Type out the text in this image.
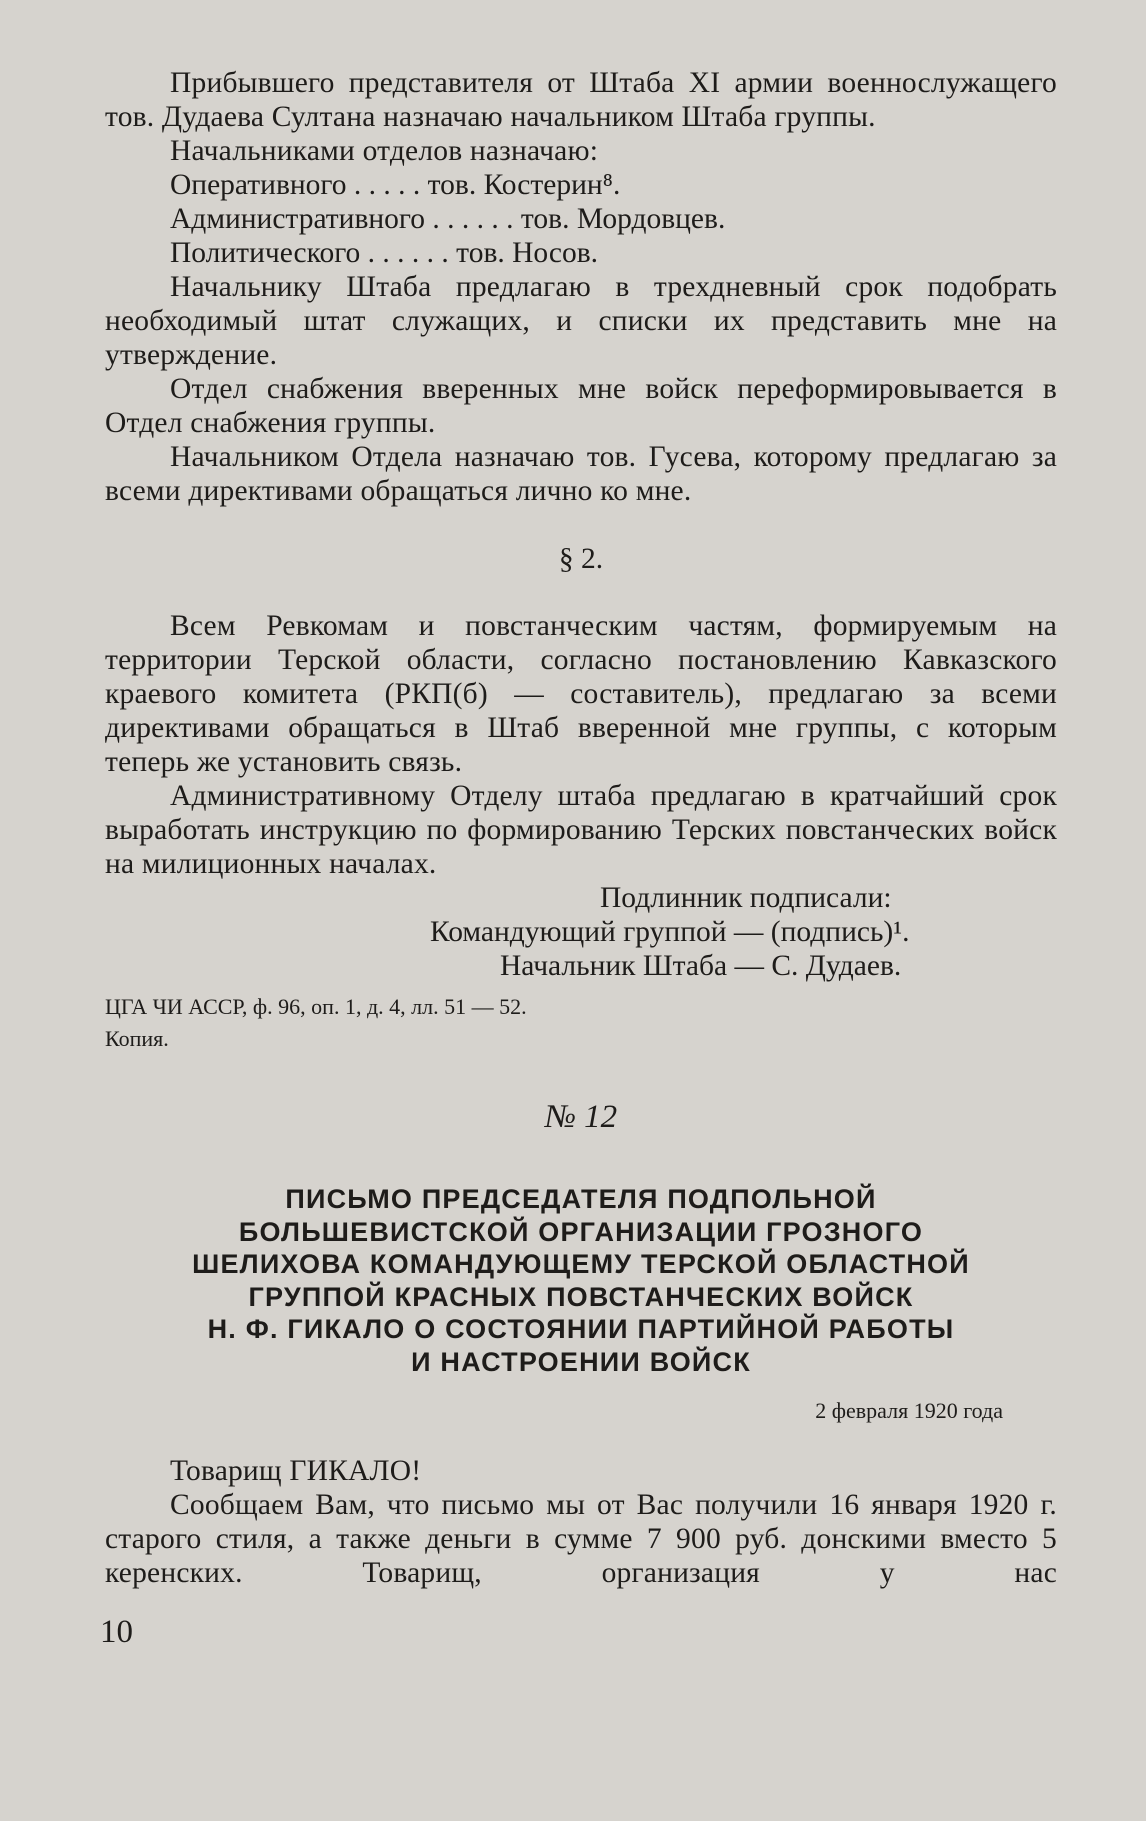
Прибывшего представителя от Штаба XI армии военнослужащего тов. Дудаева Султана назначаю начальником Штаба группы.

Начальниками отделов назначаю:

Оперативного . . . . . тов. Костерин⁸.

Административного . . . . . . тов. Мордовцев.

Политического . . . . . . тов. Носов.

Начальнику Штаба предлагаю в трехдневный срок подобрать необходимый штат служащих, и списки их представить мне на утверждение.

Отдел снабжения вверенных мне войск переформировывается в Отдел снабжения группы.

Начальником Отдела назначаю тов. Гусева, которому предлагаю за всеми директивами обращаться лично ко мне.

§ 2.

Всем Ревкомам и повстанческим частям, формируемым на территории Терской области, согласно постановлению Кавказского краевого комитета (РКП(б) — составитель), предлагаю за всеми директивами обращаться в Штаб вверенной мне группы, с которым теперь же установить связь.

Административному Отделу штаба предлагаю в кратчайший срок выработать инструкцию по формированию Терских повстанческих войск на милиционных началах.

Подлинник подписали:

Командующий группой — (подпись)¹.

Начальник Штаба — С. Дудаев.

ЦГА ЧИ АССР, ф. 96, оп. 1, д. 4, лл. 51 — 52.

Копия.

№ 12

ПИСЬМО ПРЕДСЕДАТЕЛЯ ПОДПОЛЬНОЙ

БОЛЬШЕВИСТСКОЙ ОРГАНИЗАЦИИ ГРОЗНОГО

ШЕЛИХОВА КОМАНДУЮЩЕМУ ТЕРСКОЙ ОБЛАСТНОЙ

ГРУППОЙ КРАСНЫХ ПОВСТАНЧЕСКИХ ВОЙСК

Н. Ф. ГИКАЛО О СОСТОЯНИИ ПАРТИЙНОЙ РАБОТЫ

И НАСТРОЕНИИ ВОЙСК

2 февраля 1920 года

Товарищ ГИКАЛО!

Сообщаем Вам, что письмо мы от Вас получили 16 января 1920 г. старого стиля, а также деньги в сумме 7 900 руб. донскими вместо 5 керенских. Товарищ, организация у нас

10
